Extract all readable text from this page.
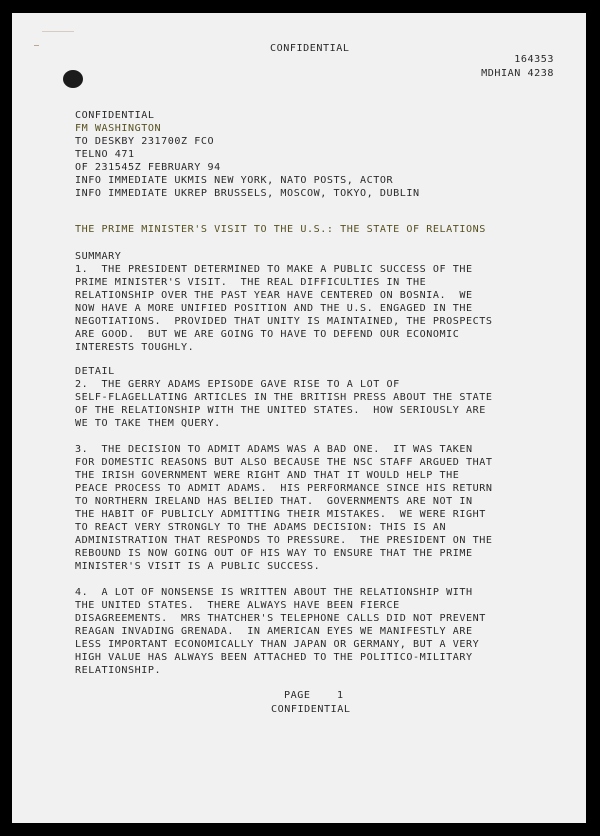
CONFIDENTIAL
164353
MDHIAN 4238
CONFIDENTIAL
FM WASHINGTON
TO DESKBY 231700Z FCO
TELNO 471
OF 231545Z FEBRUARY 94
INFO IMMEDIATE UKMIS NEW YORK, NATO POSTS, ACTOR
INFO IMMEDIATE UKREP BRUSSELS, MOSCOW, TOKYO, DUBLIN
THE PRIME MINISTER'S VISIT TO THE U.S.: THE STATE OF RELATIONS
SUMMARY
1.  THE PRESIDENT DETERMINED TO MAKE A PUBLIC SUCCESS OF THE
PRIME MINISTER'S VISIT.  THE REAL DIFFICULTIES IN THE
RELATIONSHIP OVER THE PAST YEAR HAVE CENTERED ON BOSNIA.  WE
NOW HAVE A MORE UNIFIED POSITION AND THE U.S. ENGAGED IN THE
NEGOTIATIONS.  PROVIDED THAT UNITY IS MAINTAINED, THE PROSPECTS
ARE GOOD.  BUT WE ARE GOING TO HAVE TO DEFEND OUR ECONOMIC
INTERESTS TOUGHLY.
DETAIL
2.  THE GERRY ADAMS EPISODE GAVE RISE TO A LOT OF
SELF-FLAGELLATING ARTICLES IN THE BRITISH PRESS ABOUT THE STATE
OF THE RELATIONSHIP WITH THE UNITED STATES.  HOW SERIOUSLY ARE
WE TO TAKE THEM QUERY.
3.  THE DECISION TO ADMIT ADAMS WAS A BAD ONE.  IT WAS TAKEN
FOR DOMESTIC REASONS BUT ALSO BECAUSE THE NSC STAFF ARGUED THAT
THE IRISH GOVERNMENT WERE RIGHT AND THAT IT WOULD HELP THE
PEACE PROCESS TO ADMIT ADAMS.  HIS PERFORMANCE SINCE HIS RETURN
TO NORTHERN IRELAND HAS BELIED THAT.  GOVERNMENTS ARE NOT IN
THE HABIT OF PUBLICLY ADMITTING THEIR MISTAKES.  WE WERE RIGHT
TO REACT VERY STRONGLY TO THE ADAMS DECISION: THIS IS AN
ADMINISTRATION THAT RESPONDS TO PRESSURE.  THE PRESIDENT ON THE
REBOUND IS NOW GOING OUT OF HIS WAY TO ENSURE THAT THE PRIME
MINISTER'S VISIT IS A PUBLIC SUCCESS.
4.  A LOT OF NONSENSE IS WRITTEN ABOUT THE RELATIONSHIP WITH
THE UNITED STATES.  THERE ALWAYS HAVE BEEN FIERCE
DISAGREEMENTS.  MRS THATCHER'S TELEPHONE CALLS DID NOT PREVENT
REAGAN INVADING GRENADA.  IN AMERICAN EYES WE MANIFESTLY ARE
LESS IMPORTANT ECONOMICALLY THAN JAPAN OR GERMANY, BUT A VERY
HIGH VALUE HAS ALWAYS BEEN ATTACHED TO THE POLITICO-MILITARY
RELATIONSHIP.
PAGE    1
CONFIDENTIAL
